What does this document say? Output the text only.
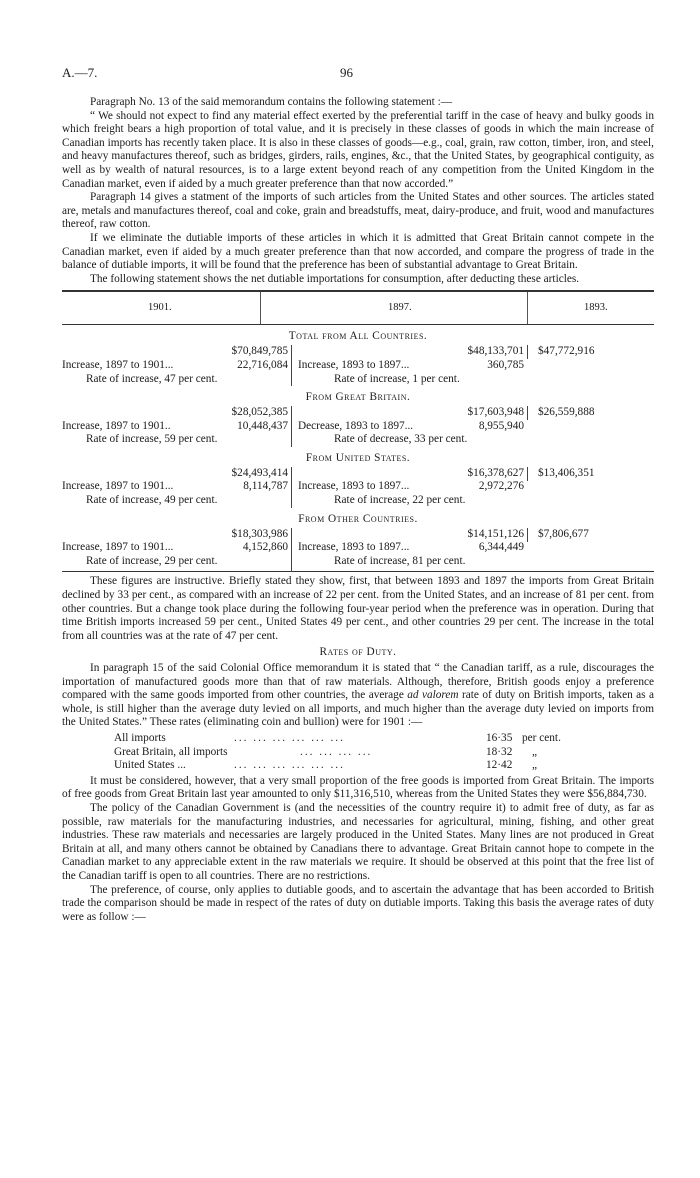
A.—7.	96

Paragraph No. 13 of the said memorandum contains the following statement :—

“ We should not expect to find any material effect exerted by the preferential tariff in the case of heavy and bulky goods in which freight bears a high proportion of total value, and it is precisely in these classes of goods in which the main increase of Canadian imports has recently taken place. It is also in these classes of goods—e.g., coal, grain, raw cotton, timber, iron, and steel, and heavy manufactures thereof, such as bridges, girders, rails, engines, &c., that the United States, by geographical contiguity, as well as by wealth of natural resources, is to a large extent beyond reach of any competition from the United Kingdom in the Canadian market, even if aided by a much greater preference than that now accorded.”

Paragraph 14 gives a statment of the imports of such articles from the United States and other sources. The articles stated are, metals and manufactures thereof, coal and coke, grain and breadstuffs, meat, dairy-produce, and fruit, wood and manufactures thereof, raw cotton.

If we eliminate the dutiable imports of these articles in which it is admitted that Great Britain cannot compete in the Canadian market, even if aided by a much greater preference than that now accorded, and compare the progress of trade in the balance of dutiable imports, it will be found that the preference has been of substantial advantage to Great Britain.

The following statement shows the net dutiable importations for consumption, after deducting these articles.

1901.	1897.	1893.
Total from All Countries.
$70,849,785	$48,133,701 $47,772,916
Increase, 1897 to 1901...	22,716,084 Increase, 1893 to 1897...	360,785
Rate of increase, 47 per cent.	Rate of increase, 1 per cent.
From Great Britain.
$28,052,385	$17,603,948 $26,559,888
Increase, 1897 to 1901..	10,448,437 Decrease, 1893 to 1897...	8,955,940
Rate of increase, 59 per cent.	Rate of decrease, 33 per cent.
From United States.
$24,493,414	$16,378,627 $13,406,351
Increase, 1897 to 1901...	8,114,787 Increase, 1893 to 1897...	2,972,276
Rate of increase, 49 per cent.	Rate of increase, 22 per cent.
From Other Countries.
$18,303,986	$14,151,126 $7,806,677
Increase, 1897 to 1901...	4,152,860 Increase, 1893 to 1897...	6,344,449
Rate of increase, 29 per cent.	Rate of increase, 81 per cent.

These figures are instructive. Briefly stated they show, first, that between 1893 and 1897 the imports from Great Britain declined by 33 per cent., as compared with an increase of 22 per cent. from the United States, and an increase of 81 per cent. from other countries. But a change took place during the following four-year period when the preference was in operation. During that time British imports increased 59 per cent., United States 49 per cent., and other countries 29 per cent. The increase in the total from all countries was at the rate of 47 per cent.

Rates of Duty.

In paragraph 15 of the said Colonial Office memorandum it is stated that “ the Canadian tariff, as a rule, discourages the importation of manufactured goods more than that of raw materials. Although, therefore, British goods enjoy a preference compared with the same goods imported from other countries, the average ad valorem rate of duty on British imports, taken as a whole, is still higher than the average duty levied on all imports, and much higher than the average duty levied on imports from the United States.” These rates (eliminating coin and bullion) were for 1901 :—

All imports	... ... ... ... ... ...	16·35 per cent.
Great Britain, all imports	... ... ... ...	18·32 „
United States ...	... ... ... ... ... ...	12·42 „

It must be considered, however, that a very small proportion of the free goods is imported from Great Britain. The imports of free goods from Great Britain last year amounted to only $11,316,510, whereas from the United States they were $56,884,730.

The policy of the Canadian Government is (and the necessities of the country require it) to admit free of duty, as far as possible, raw materials for the manufacturing industries, and necessaries for agricultural, mining, fishing, and other great industries. These raw materials and necessaries are largely produced in the United States. Many lines are not produced in Great Britain at all, and many others cannot be obtained by Canadians there to advantage. Great Britain cannot hope to compete in the Canadian market to any appreciable extent in the raw materials we require. It should be observed at this point that the free list of the Canadian tariff is open to all countries. There are no restrictions.

The preference, of course, only applies to dutiable goods, and to ascertain the advantage that has been accorded to British trade the comparison should be made in respect of the rates of duty on dutiable imports. Taking this basis the average rates of duty were as follow :—
